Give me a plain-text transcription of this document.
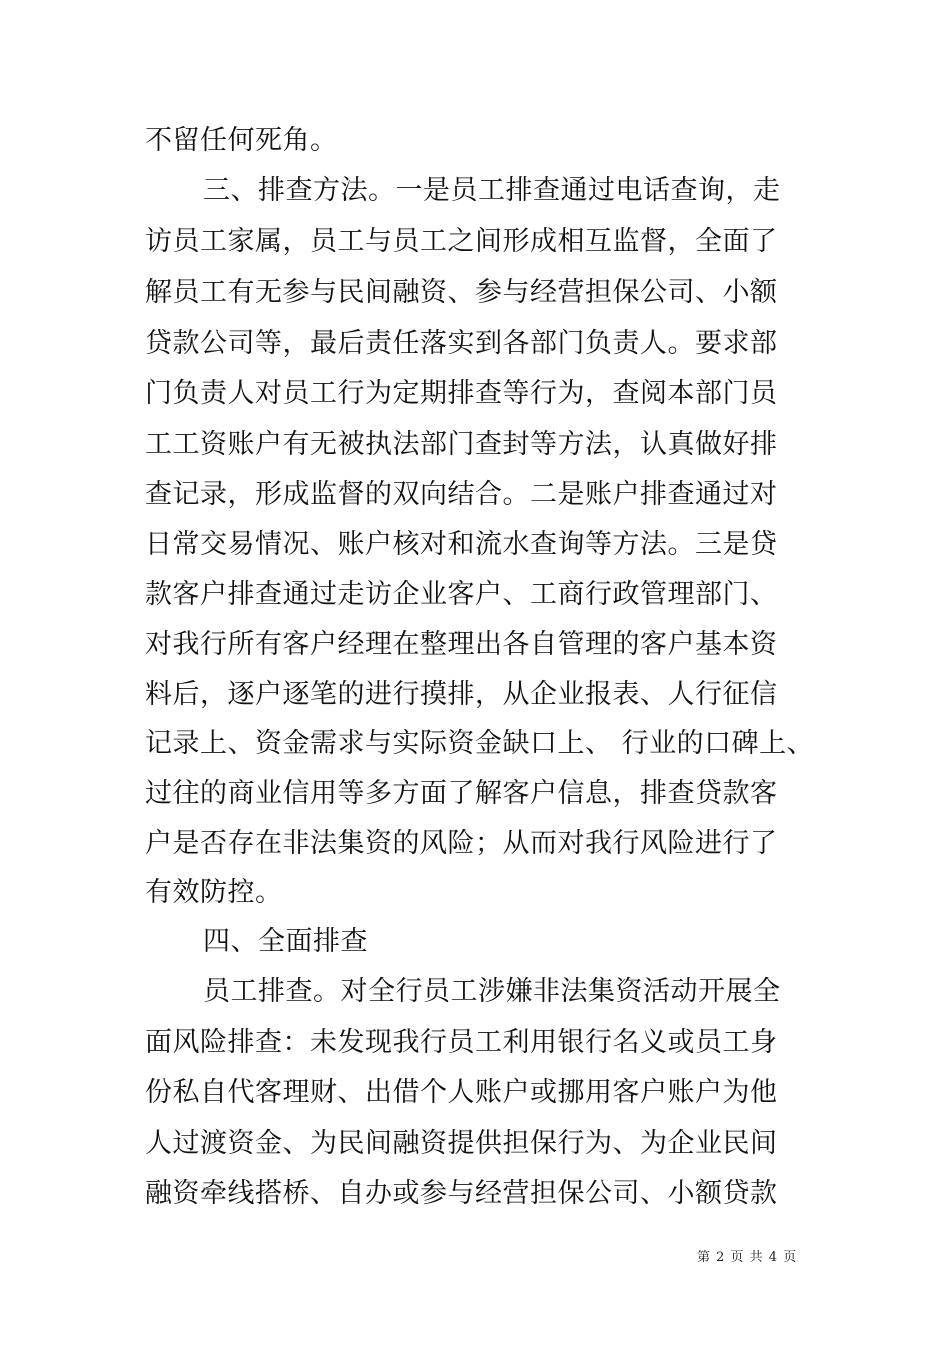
不留任何死角。
三、排查方法。一是员工排查通过电话查询，走
访员工家属，员工与员工之间形成相互监督，全面了
解员工有无参与民间融资、参与经营担保公司、小额
贷款公司等，最后责任落实到各部门负责人。要求部
门负责人对员工行为定期排查等行为，查阅本部门员
工工资账户有无被执法部门查封等方法，认真做好排
查记录，形成监督的双向结合。二是账户排查通过对
日常交易情况、账户核对和流水查询等方法。三是贷
款客户排查通过走访企业客户、工商行政管理部门、
对我行所有客户经理在整理出各自管理的客户基本资
料后，逐户逐笔的进行摸排，从企业报表、人行征信
记录上、资金需求与实际资金缺口上、 行业的口碑上、
过往的商业信用等多方面了解客户信息，排查贷款客
户是否存在非法集资的风险；从而对我行风险进行了
有效防控。
四、全面排查
员工排查。对全行员工涉嫌非法集资活动开展全
面风险排查：未发现我行员工利用银行名义或员工身
份私自代客理财、出借个人账户或挪用客户账户为他
人过渡资金、为民间融资提供担保行为、为企业民间
融资牵线搭桥、自办或参与经营担保公司、小额贷款
第 2 页 共 4 页
